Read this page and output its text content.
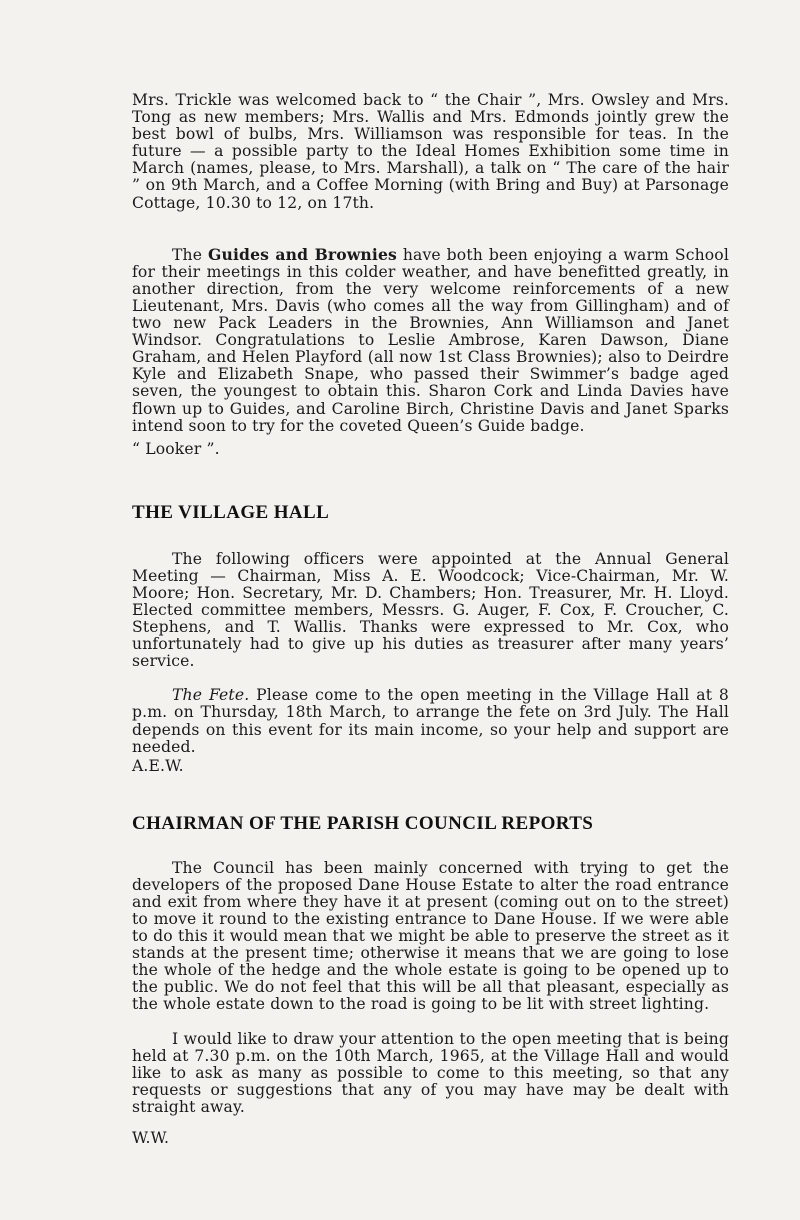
Mrs. Trickle was welcomed back to “ the Chair ”, Mrs. Owsley and Mrs. Tong as new members; Mrs. Wallis and Mrs. Edmonds jointly grew the best bowl of bulbs, Mrs. Williamson was responsible for teas. In the future — a possible party to the Ideal Homes Exhibition some time in March (names, please, to Mrs. Marshall), a talk on “ The care of the hair ” on 9th March, and a Coffee Morning (with Bring and Buy) at Parsonage Cottage, 10.30 to 12, on 17th.

The Guides and Brownies have both been enjoying a warm School for their meetings in this colder weather, and have benefitted greatly, in another direction, from the very welcome reinforcements of a new Lieutenant, Mrs. Davis (who comes all the way from Gillingham) and of two new Pack Leaders in the Brownies, Ann Williamson and Janet Windsor. Congratulations to Leslie Ambrose, Karen Dawson, Diane Graham, and Helen Playford (all now 1st Class Brownies); also to Deirdre Kyle and Elizabeth Snape, who passed their Swimmer’s badge aged seven, the youngest to obtain this. Sharon Cork and Linda Davies have flown up to Guides, and Caroline Birch, Christine Davis and Janet Sparks intend soon to try for the coveted Queen’s Guide badge.

“ Looker ”.

THE VILLAGE HALL

The following officers were appointed at the Annual General Meeting — Chairman, Miss A. E. Woodcock; Vice-Chairman, Mr. W. Moore; Hon. Secretary, Mr. D. Chambers; Hon. Treasurer, Mr. H. Lloyd. Elected committee members, Messrs. G. Auger, F. Cox, F. Croucher, C. Stephens, and T. Wallis. Thanks were expressed to Mr. Cox, who unfortunately had to give up his duties as treasurer after many years’ service.

The Fete. Please come to the open meeting in the Village Hall at 8 p.m. on Thursday, 18th March, to arrange the fete on 3rd July. The Hall depends on this event for its main income, so your help and support are needed.

A.E.W.

CHAIRMAN OF THE PARISH COUNCIL REPORTS

The Council has been mainly concerned with trying to get the developers of the proposed Dane House Estate to alter the road entrance and exit from where they have it at present (coming out on to the street) to move it round to the existing entrance to Dane House. If we were able to do this it would mean that we might be able to preserve the street as it stands at the present time; otherwise it means that we are going to lose the whole of the hedge and the whole estate is going to be opened up to the public. We do not feel that this will be all that pleasant, especially as the whole estate down to the road is going to be lit with street lighting.

I would like to draw your attention to the open meeting that is being held at 7.30 p.m. on the 10th March, 1965, at the Village Hall and would like to ask as many as possible to come to this meeting, so that any requests or suggestions that any of you may have may be dealt with straight away.

W.W.
